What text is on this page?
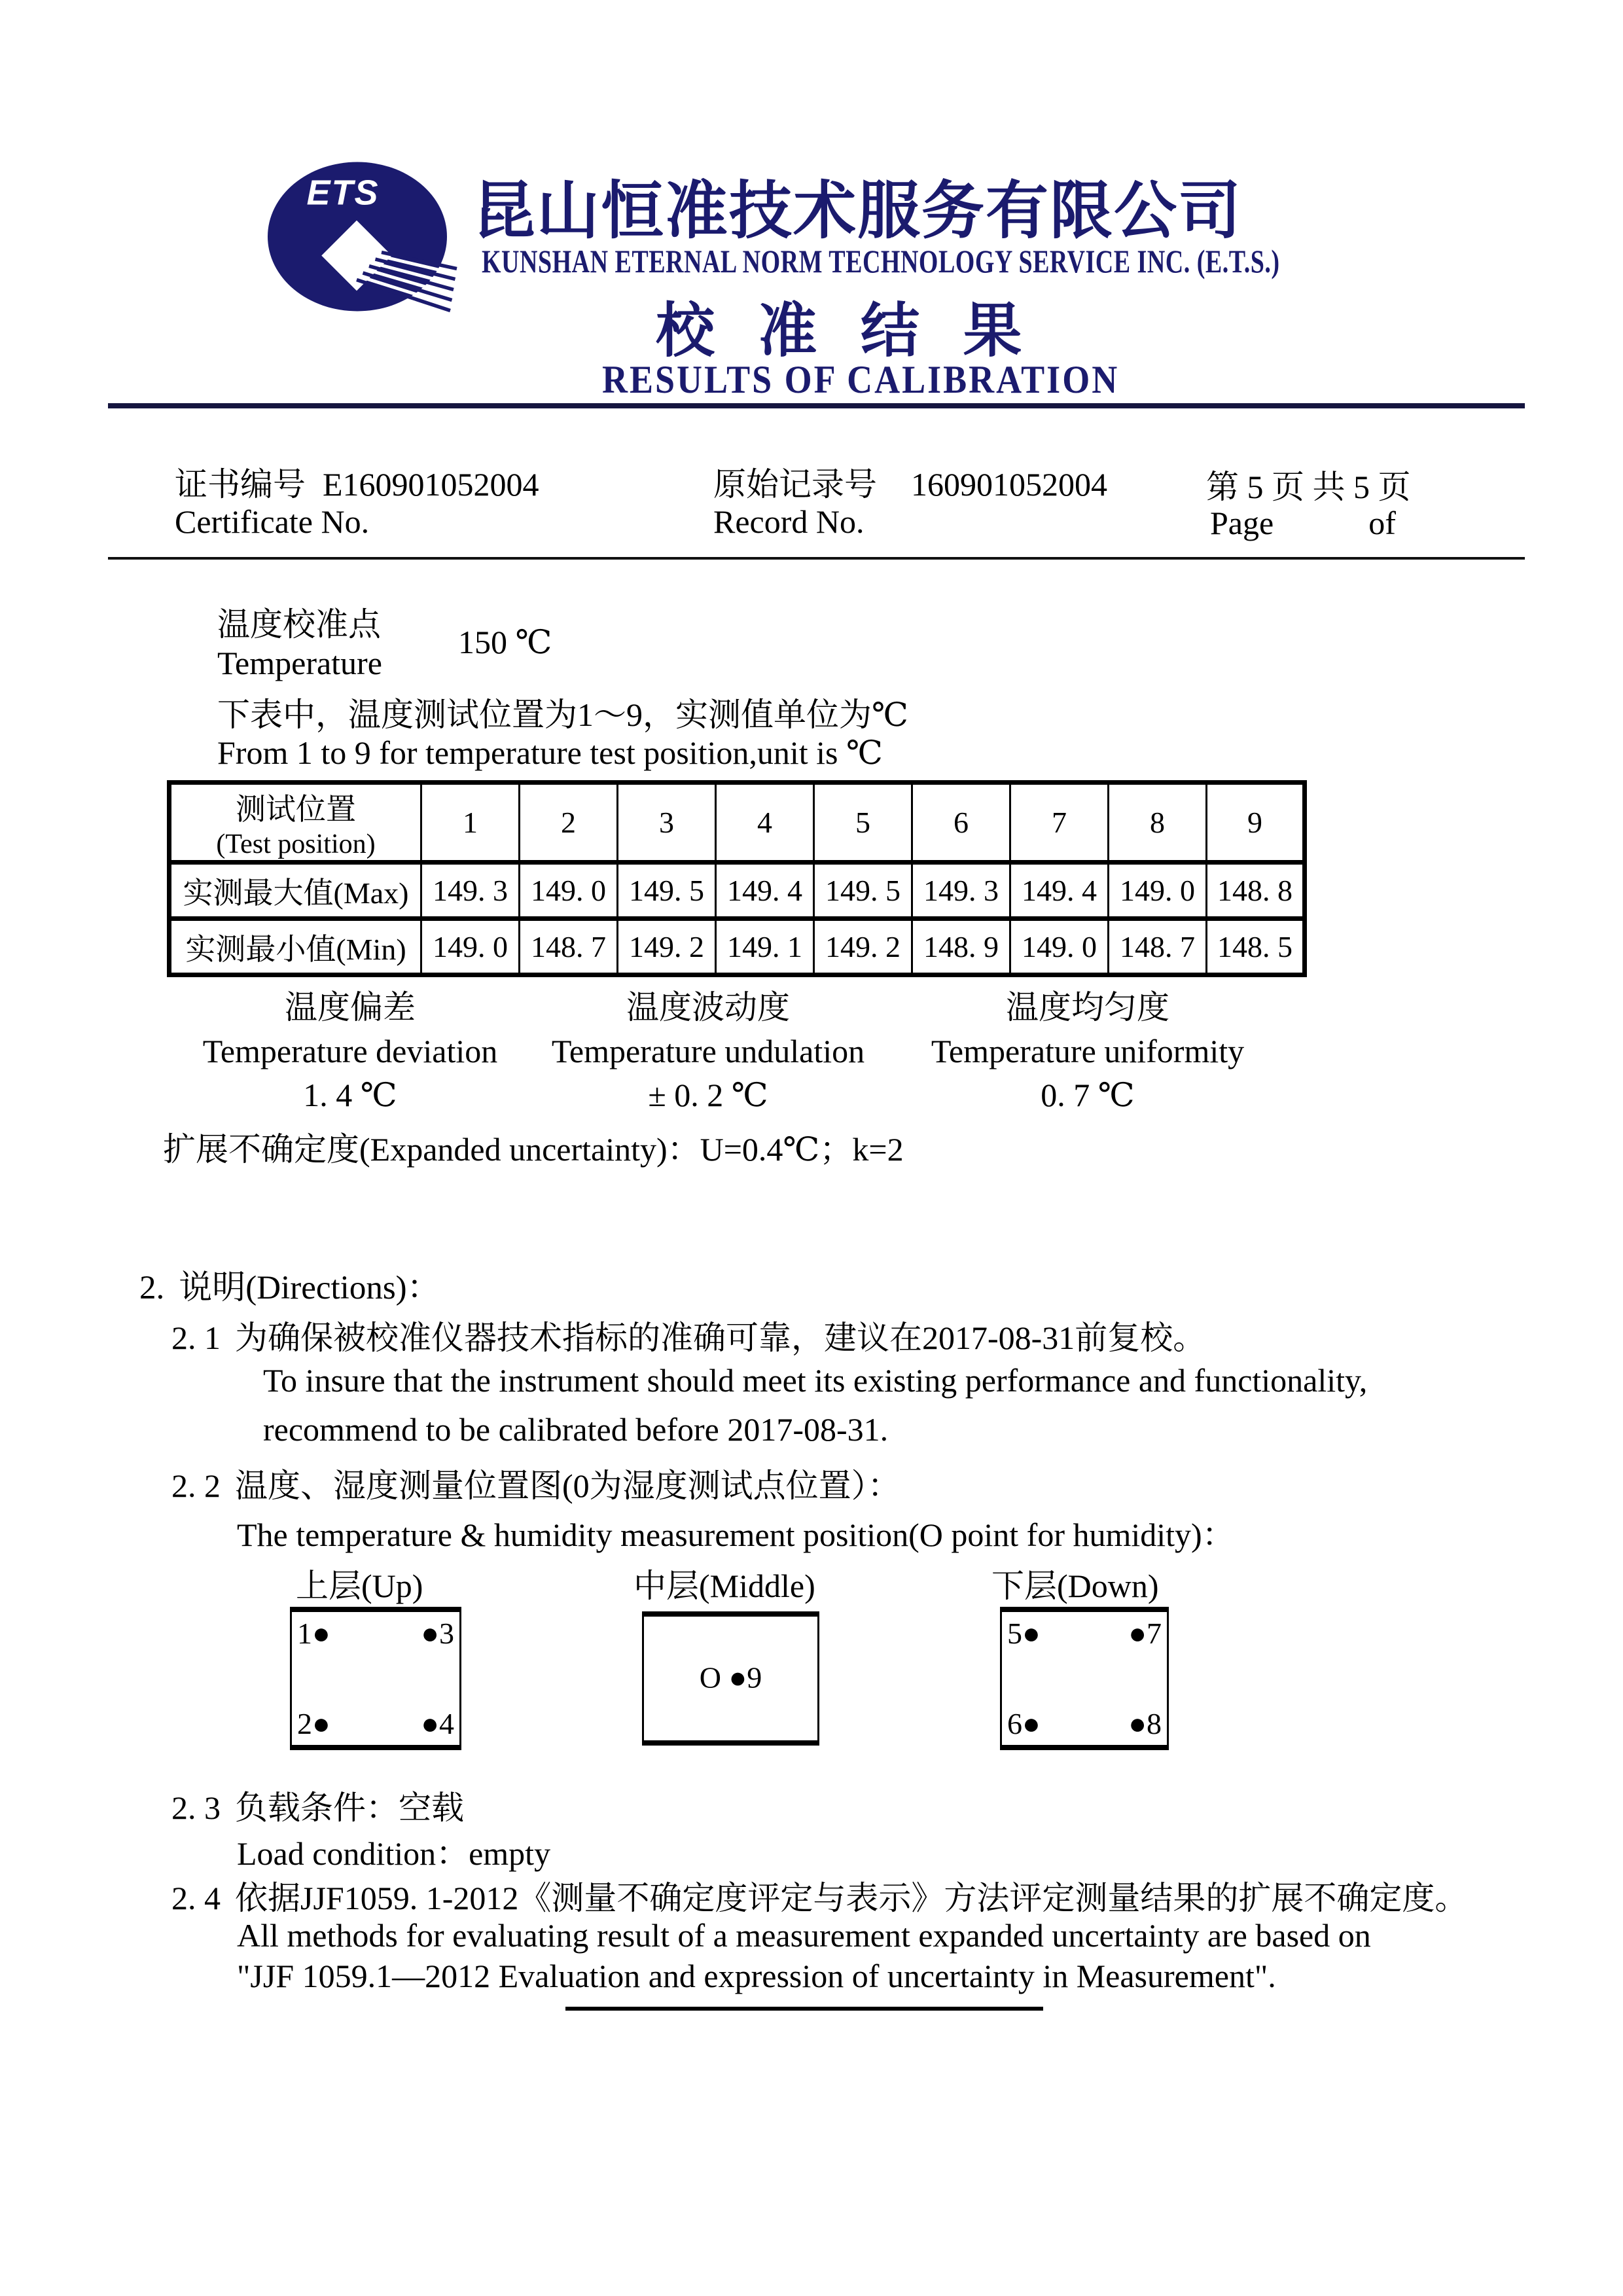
ETS 昆山恒准技术服务有限公司
KUNSHAN ETERNAL NORM TECHNOLOGY SERVICE INC. (E.T.S.)
校 准 结 果
RESULTS OF CALIBRATION
证书编号 E160901052004
Certificate No.
原始记录号 160901052004
Record No.
第 5 页 共 5 页
Page	of
温度校准点 150 ℃
Temperature
下表中，温度测试位置为1～9，实测值单位为℃
From 1 to 9 for temperature test position,unit is ℃
测试位置
(Test position)	1	2	3	4	5	6	7	8	9
实测最大值(Max)	149. 3	149. 0	149. 5	149. 4	149. 5	149. 3	149. 4	149. 0	148. 8
实测最小值(Min)	149. 0	148. 7	149. 2	149. 1	149. 2	148. 9	149. 0	148. 7	148. 5
温度偏差
Temperature deviation
1. 4 ℃
温度波动度
Temperature undulation
± 0. 2 ℃
温度均匀度
Temperature uniformity
0. 7 ℃
扩展不确定度(Expanded uncertainty)：U=0.4℃；k=2
2. 说明(Directions)：
2. 1 为确保被校准仪器技术指标的准确可靠，建议在2017-08-31前复校。
To insure that the instrument should meet its existing performance and functionality,
recommend to be calibrated before 2017-08-31.
2. 2 温度、湿度测量位置图(0为湿度测试点位置）：
The temperature & humidity measurement position(O point for humidity)：
上层(Up)	中层(Middle)	下层(Down)
1●	●3
2●	●4
O ●9
5●	●7
6●	●8
2. 3 负载条件：空载
Load condition：empty
2. 4 依据JJF1059. 1-2012《测量不确定度评定与表示》方法评定测量结果的扩展不确定度。
All methods for evaluating result of a measurement expanded uncertainty are based on
"JJF 1059.1—2012 Evaluation and expression of uncertainty in Measurement".
